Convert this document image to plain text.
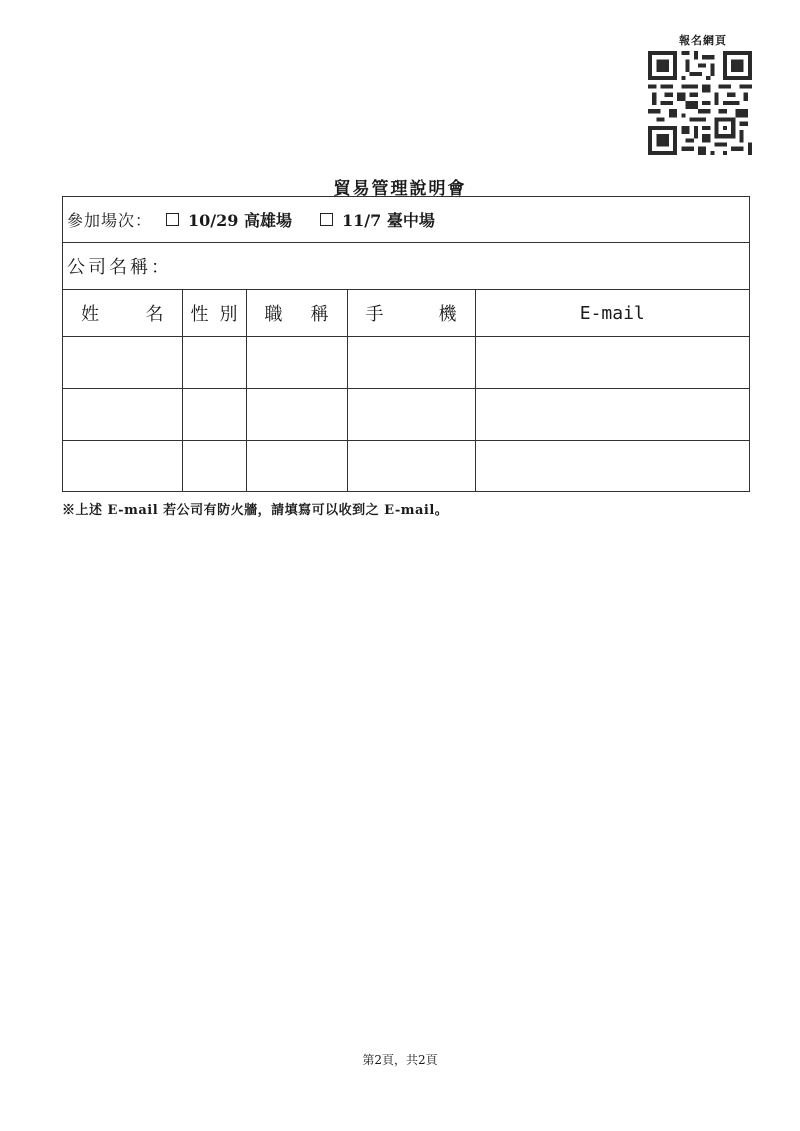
報名網頁
貿易管理說明會
參加場次： 10/29 高雄場	11/7 臺中場
公司名稱：
姓 名	性 別	職 稱	手 機	E-mail

※上述 E-mail 若公司有防火牆，請填寫可以收到之 E-mail。
第2頁，共2頁
